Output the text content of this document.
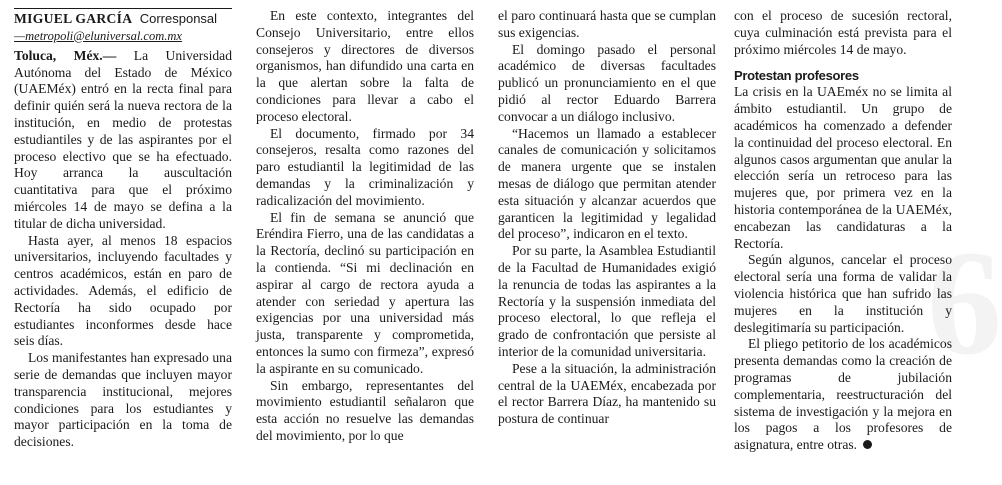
6
MIGUEL GARCÍA Corresponsal
—metropoli@eluniversal.com.mx

Toluca, Méx.— La Universidad Autónoma del Estado de México (UAEMéx) entró en la recta final para definir quién será la nueva rectora de la institución, en medio de protestas estudiantiles y de las aspirantes por el proceso electivo que se ha efectuado. Hoy arranca la auscultación cuantitativa para que el próximo miércoles 14 de mayo se defina a la titular de dicha universidad.

Hasta ayer, al menos 18 espacios universitarios, incluyendo facultades y centros académicos, están en paro de actividades. Además, el edificio de Rectoría ha sido ocupado por estudiantes inconformes desde hace seis días.

Los manifestantes han expresado una serie de demandas que incluyen mayor transparencia institucional, mejores condiciones para los estudiantes y mayor participación en la toma de decisiones.

En este contexto, integrantes del Consejo Universitario, entre ellos consejeros y directores de diversos organismos, han difundido una carta en la que alertan sobre la falta de condiciones para llevar a cabo el proceso electoral.

El documento, firmado por 34 consejeros, resalta como razones del paro estudiantil la legitimidad de las demandas y la criminalización y radicalización del movimiento.

El fin de semana se anunció que Eréndira Fierro, una de las candidatas a la Rectoría, declinó su participación en la contienda. “Si mi declinación en aspirar al cargo de rectora ayuda a atender con seriedad y apertura las exigencias por una universidad más justa, transparente y comprometida, entonces la sumo con firmeza”, expresó la aspirante en su comunicado.

Sin embargo, representantes del movimiento estudiantil señalaron que esta acción no resuelve las demandas del movimiento, por lo que

el paro continuará hasta que se cumplan sus exigencias.

El domingo pasado el personal académico de diversas facultades publicó un pronunciamiento en el que pidió al rector Eduardo Barrera convocar a un diálogo inclusivo.

“Hacemos un llamado a establecer canales de comunicación y solicitamos de manera urgente que se instalen mesas de diálogo que permitan atender esta situación y alcanzar acuerdos que garanticen la legitimidad y legalidad del proceso”, indicaron en el texto.

Por su parte, la Asamblea Estudiantil de la Facultad de Humanidades exigió la renuncia de todas las aspirantes a la Rectoría y la suspensión inmediata del proceso electoral, lo que refleja el grado de confrontación que persiste al interior de la comunidad universitaria.

Pese a la situación, la administración central de la UAEMéx, encabezada por el rector Barrera Díaz, ha mantenido su postura de continuar

con el proceso de sucesión rectoral, cuya culminación está prevista para el próximo miércoles 14 de mayo.

Protestan profesores

La crisis en la UAEméx no se limita al ámbito estudiantil. Un grupo de académicos ha comenzado a defender la continuidad del proceso electoral. En algunos casos argumentan que anular la elección sería un retroceso para las mujeres que, por primera vez en la historia contemporánea de la UAEMéx, encabezan las candidaturas a la Rectoría.

Según algunos, cancelar el proceso electoral sería una forma de validar la violencia histórica que han sufrido las mujeres en la institución y deslegitimaría su participación.

El pliego petitorio de los académicos presenta demandas como la creación de programas de jubilación complementaria, reestructuración del sistema de investigación y la mejora en los pagos a los profesores de asignatura, entre otras.
